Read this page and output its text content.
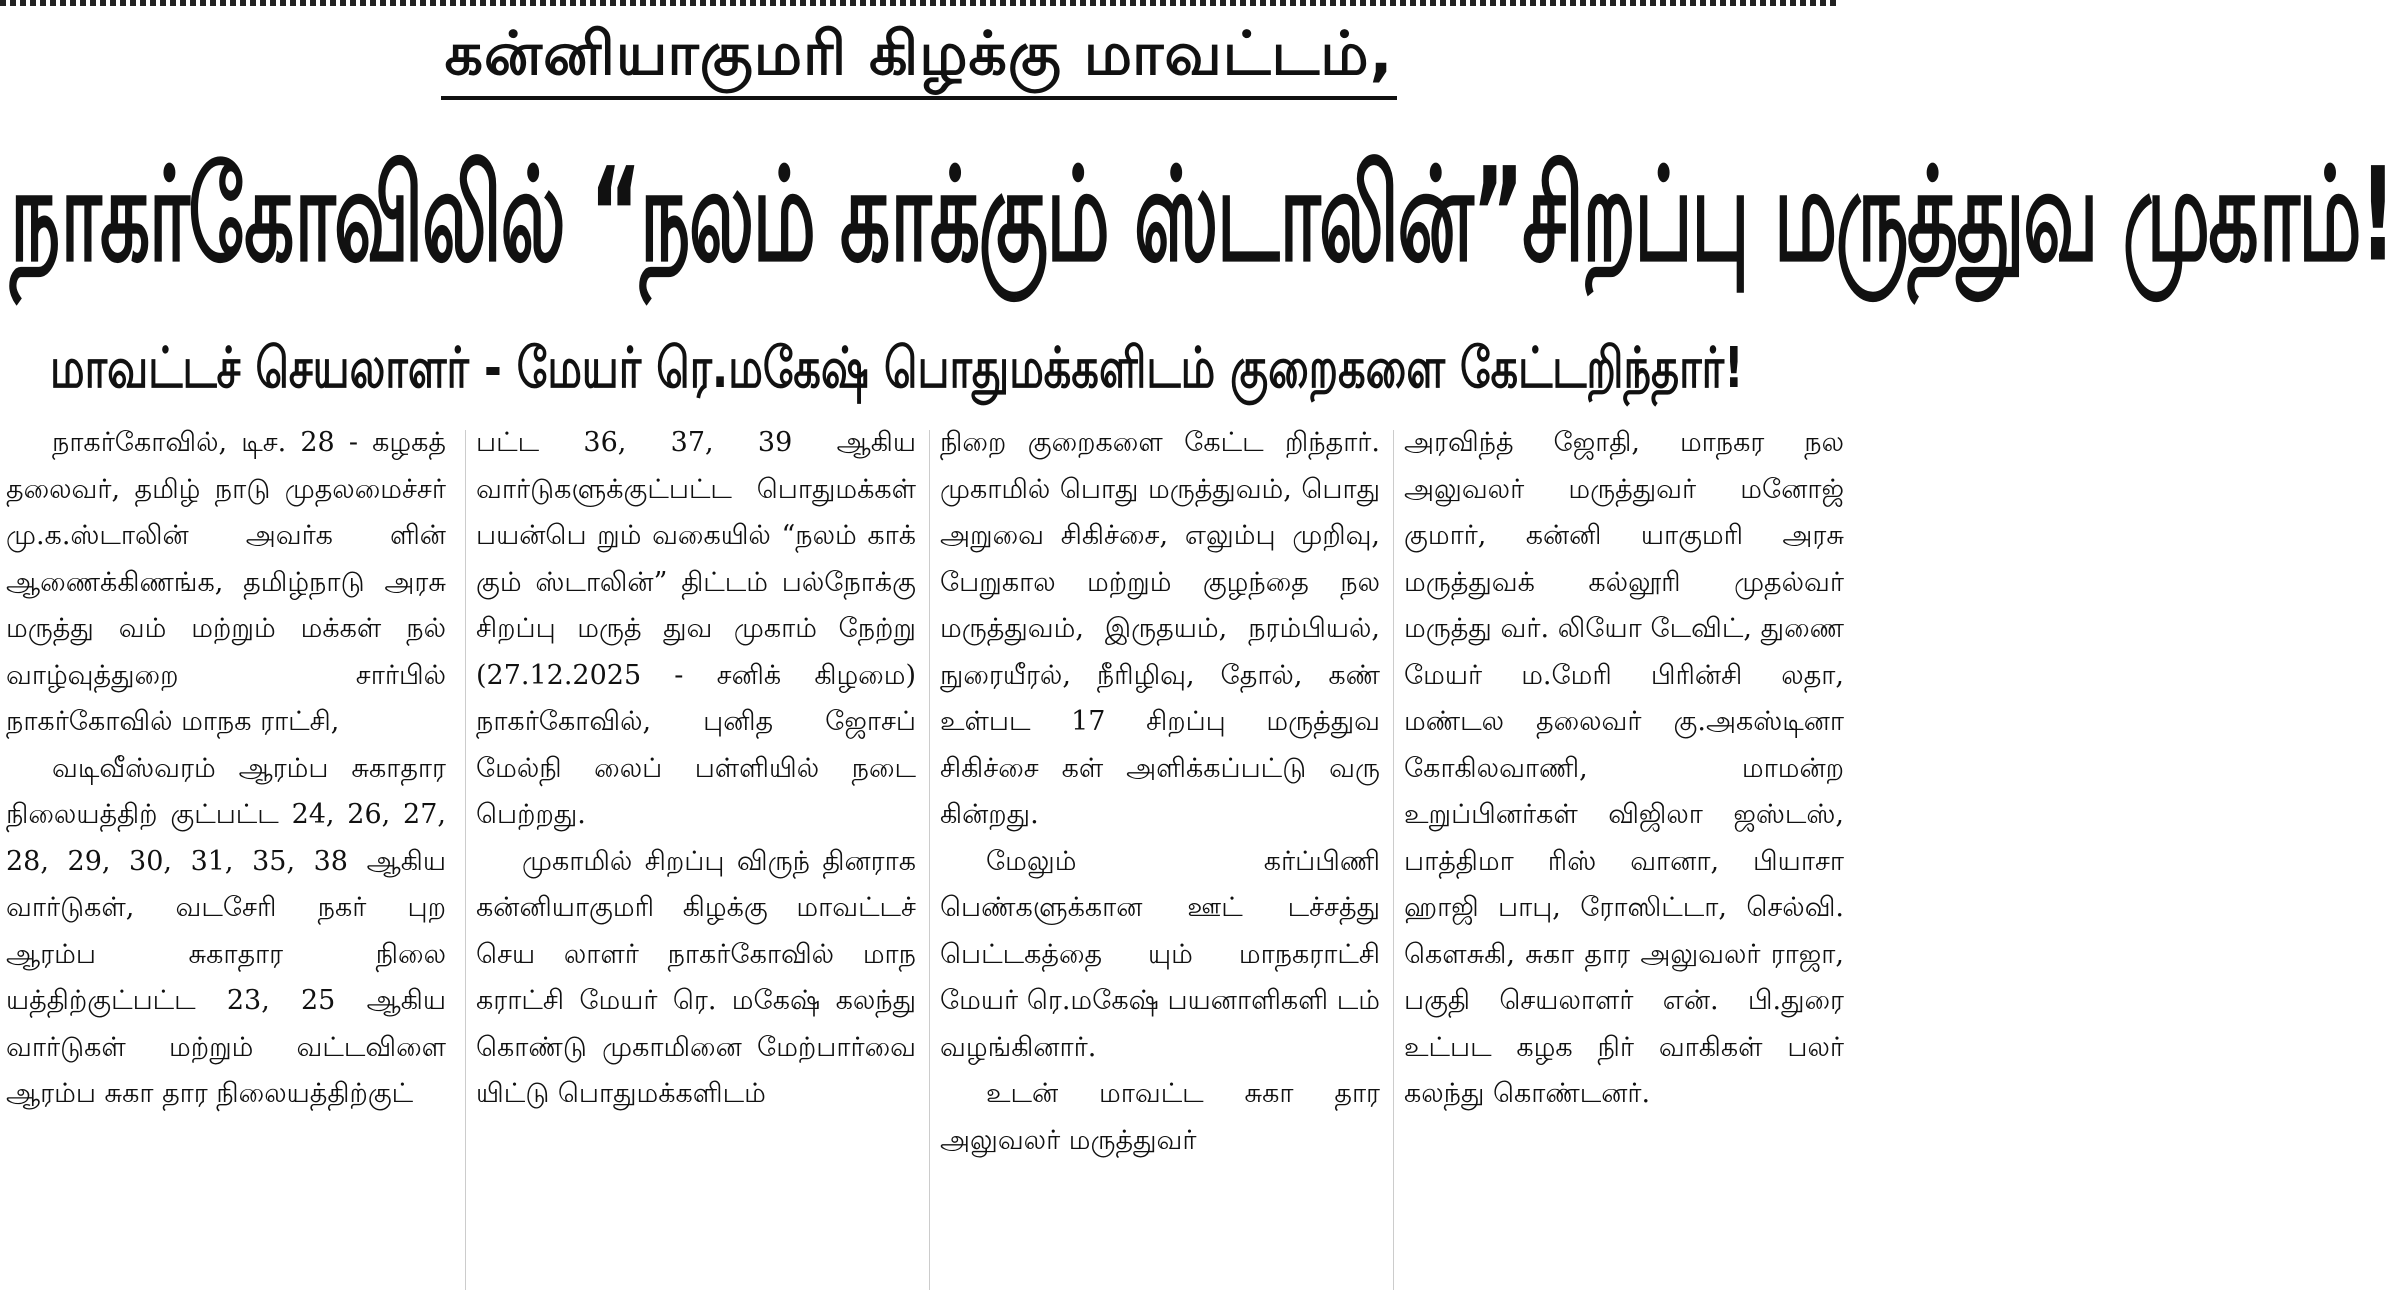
கன்னியாகுமரி கிழக்கு மாவட்டம்,
நாகர்கோவிலில் “நலம் காக்கும் ஸ்டாலின்”சிறப்பு மருத்துவ முகாம்!
மாவட்டச் செயலாளர் - மேயர் ரெ.மகேஷ் பொதுமக்களிடம் குறைகளை கேட்டறிந்தார்!

நாகர்கோவில், டிச. 28 - கழகத் தலைவர், தமிழ் நாடு முதலமைச்சர் மு.க.ஸ்டாலின் அவர்க ளின் ஆணைக்கிணங்க, தமிழ்நாடு அரசு மருத்து வம் மற்றும் மக்கள் நல் வாழ்வுத்துறை சார்பில் நாகர்கோவில் மாநக ராட்சி,

வடிவீஸ்வரம் ஆரம்ப சுகாதார நிலையத்திற் குட்பட்ட 24, 26, 27, 28, 29, 30, 31, 35, 38 ஆகிய வார்டுகள், வடசேரி நகர் புற ஆரம்ப சுகாதார நிலை யத்திற்குட்பட்ட 23, 25 ஆகிய வார்டுகள் மற்றும் வட்டவிளை ஆரம்ப சுகா தார நிலையத்திற்குட்

பட்ட 36, 37, 39 ஆகிய வார்டுகளுக்குட்பட்ட பொதுமக்கள் பயன்பெ றும் வகையில் “நலம் காக் கும் ஸ்டாலின்” திட்டம் பல்நோக்கு சிறப்பு மருத் துவ முகாம் நேற்று (27.12.2025 - சனிக் கிழமை) நாகர்கோவில், புனித ஜோசப் மேல்நி லைப் பள்ளியில் நடை பெற்றது.

முகாமில் சிறப்பு விருந் தினராக கன்னியாகுமரி கிழக்கு மாவட்டச் செய லாளர் நாகர்கோவில் மாந கராட்சி மேயர் ரெ. மகேஷ் கலந்து கொண்டு முகாமினை மேற்பார்வை யிட்டு பொதுமக்களிடம்

நிறை குறைகளை கேட்ட றிந்தார். முகாமில் பொது மருத்துவம், பொது அறுவை சிகிச்சை, எலும்பு முறிவு, பேறுகால மற்றும் குழந்தை நல மருத்துவம், இருதயம், நரம்பியல், நுரையீரல், நீரிழிவு, தோல், கண் உள்பட 17 சிறப்பு மருத்துவ சிகிச்சை கள் அளிக்கப்பட்டு வரு கின்றது.

மேலும் கர்ப்பிணி பெண்களுக்கான ஊட் டச்சத்து பெட்டகத்தை யும் மாநகராட்சி மேயர் ரெ.மகேஷ் பயனாளிகளி டம் வழங்கினார்.

உடன் மாவட்ட சுகா தார அலுவலர் மருத்துவர்

அரவிந்த் ஜோதி, மாநகர நல அலுவலர் மருத்துவர் மனோஜ் குமார், கன்னி யாகுமரி அரசு மருத்துவக் கல்லூரி முதல்வர் மருத்து வர். லியோ டேவிட், துணை மேயர் ம.மேரி பிரின்சி லதா, மண்டல தலைவர் கு.அகஸ்டினா கோகிலவாணி, மாமன்ற உறுப்பினர்கள் விஜிலா ஜஸ்டஸ், பாத்திமா ரிஸ் வானா, பியாசா ஹாஜி பாபு, ரோஸிட்டா, செல்வி. கௌசுகி, சுகா தார அலுவலர் ராஜா, பகுதி செயலாளர் என். பி.துரை உட்பட கழக நிர் வாகிகள் பலர் கலந்து கொண்டனர்.
